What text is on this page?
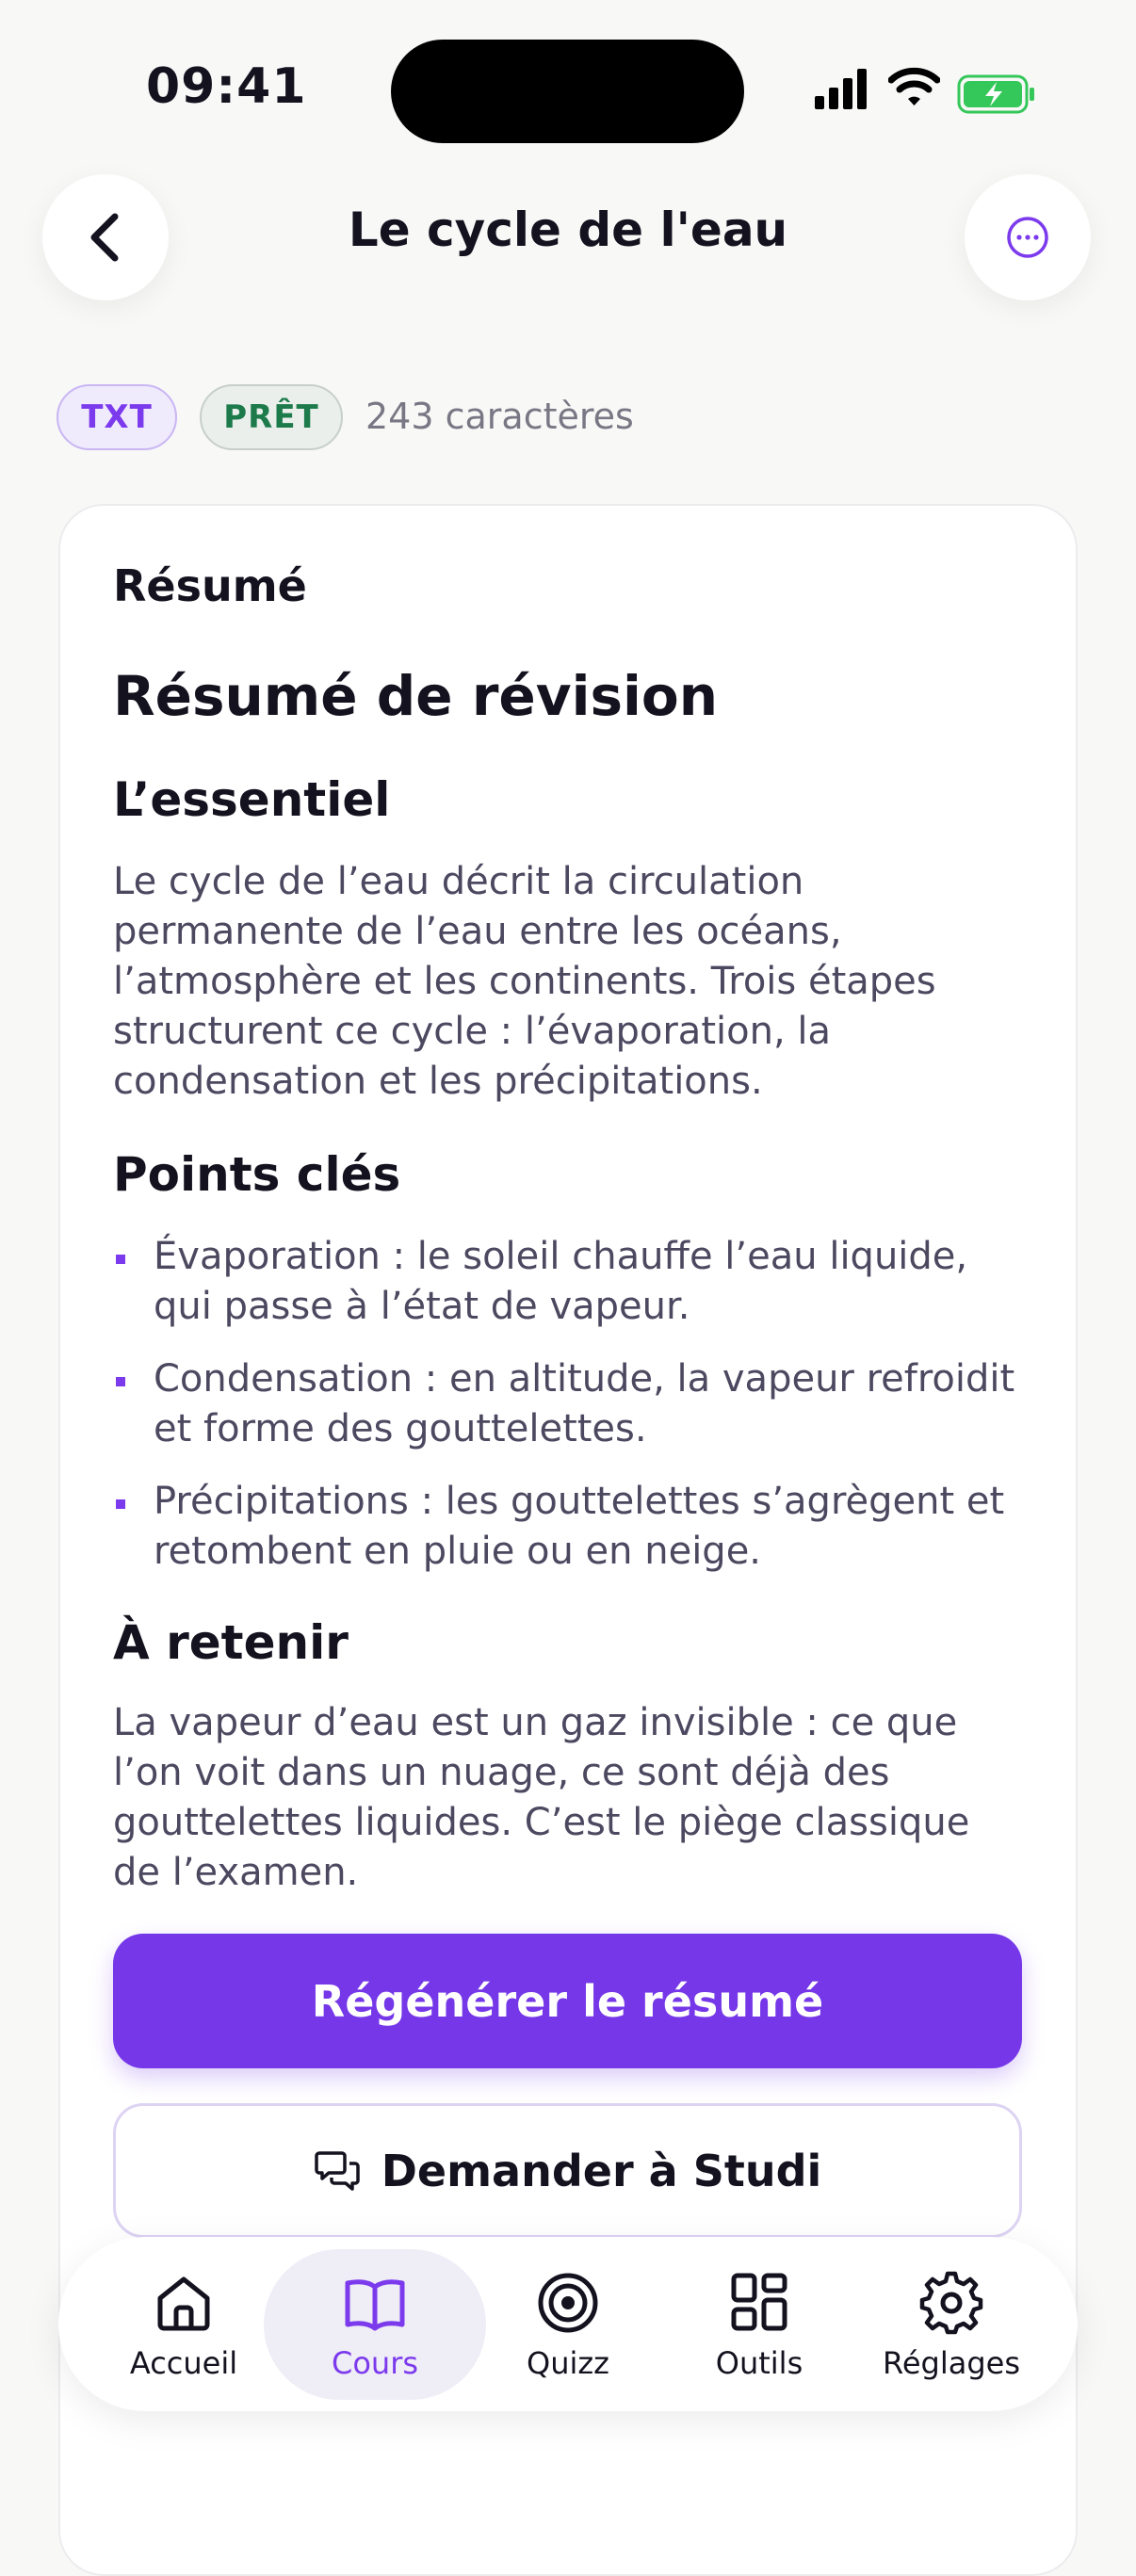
09:41
Le cycle de l'eau
TXT	PRÊT	243 caractères
Résumé
Résumé de révision
L’essentiel
Le cycle de l’eau décrit la circulation permanente de l’eau entre les océans, l’atmosphère et les continents. Trois étapes structurent ce cycle : l’évaporation, la condensation et les précipitations.
Points clés
Évaporation : le soleil chauffe l’eau liquide, qui passe à l’état de vapeur.
Condensation : en altitude, la vapeur refroidit et forme des gouttelettes.
Précipitations : les gouttelettes s’agrègent et retombent en pluie ou en neige.
À retenir
La vapeur d’eau est un gaz invisible : ce que l’on voit dans un nuage, ce sont déjà des gouttelettes liquides. C’est le piège classique de l’examen.
Régénérer le résumé
Demander à Studi
Accueil	Cours	Quizz	Outils	Réglages
